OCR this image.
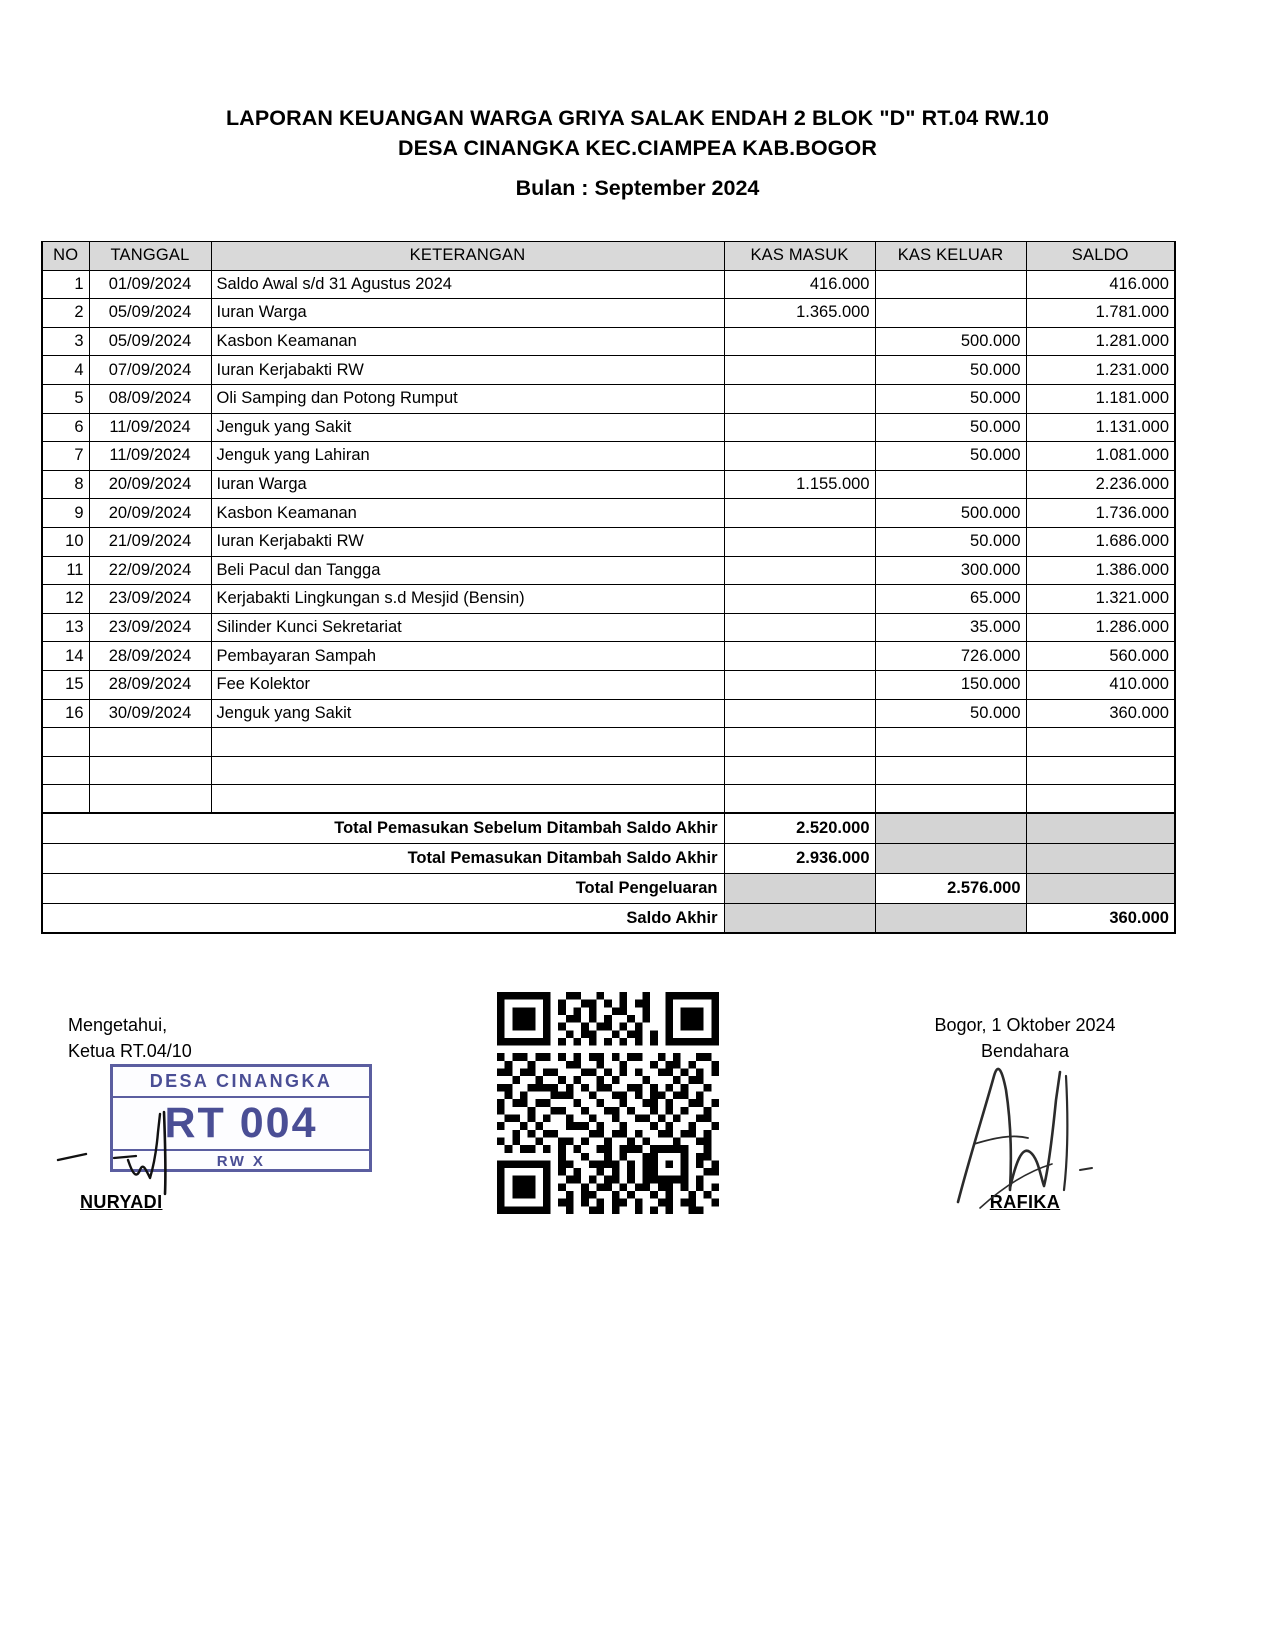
LAPORAN KEUANGAN WARGA GRIYA SALAK ENDAH 2 BLOK "D" RT.04 RW.10
DESA CINANGKA KEC.CIAMPEA KAB.BOGOR
Bulan : September 2024
NO	TANGGAL	KETERANGAN	KAS MASUK	KAS KELUAR	SALDO
1	01/09/2024	Saldo Awal s/d 31 Agustus 2024	416.000		416.000
2	05/09/2024	Iuran Warga	1.365.000		1.781.000
3	05/09/2024	Kasbon Keamanan		500.000	1.281.000
4	07/09/2024	Iuran Kerjabakti RW		50.000	1.231.000
5	08/09/2024	Oli Samping dan Potong Rumput		50.000	1.181.000
6	11/09/2024	Jenguk yang Sakit		50.000	1.131.000
7	11/09/2024	Jenguk yang Lahiran		50.000	1.081.000
8	20/09/2024	Iuran Warga	1.155.000		2.236.000
9	20/09/2024	Kasbon Keamanan		500.000	1.736.000
10	21/09/2024	Iuran Kerjabakti RW		50.000	1.686.000
11	22/09/2024	Beli Pacul dan Tangga		300.000	1.386.000
12	23/09/2024	Kerjabakti Lingkungan s.d Mesjid (Bensin)		65.000	1.321.000
13	23/09/2024	Silinder Kunci Sekretariat		35.000	1.286.000
14	28/09/2024	Pembayaran Sampah		726.000	560.000
15	28/09/2024	Fee Kolektor		150.000	410.000
16	30/09/2024	Jenguk yang Sakit		50.000	360.000

Total Pemasukan Sebelum Ditambah Saldo Akhir			2.520.000		
Total Pemasukan Ditambah Saldo Akhir			2.936.000		
Total Pengeluaran				2.576.000	
Saldo Akhir					360.000
Mengetahui,
Ketua RT.04/10
Bogor, 1 Oktober 2024
Bendahara
NURYADI	RAFIKA
DESA CINANGKA
RT 004
RW X
